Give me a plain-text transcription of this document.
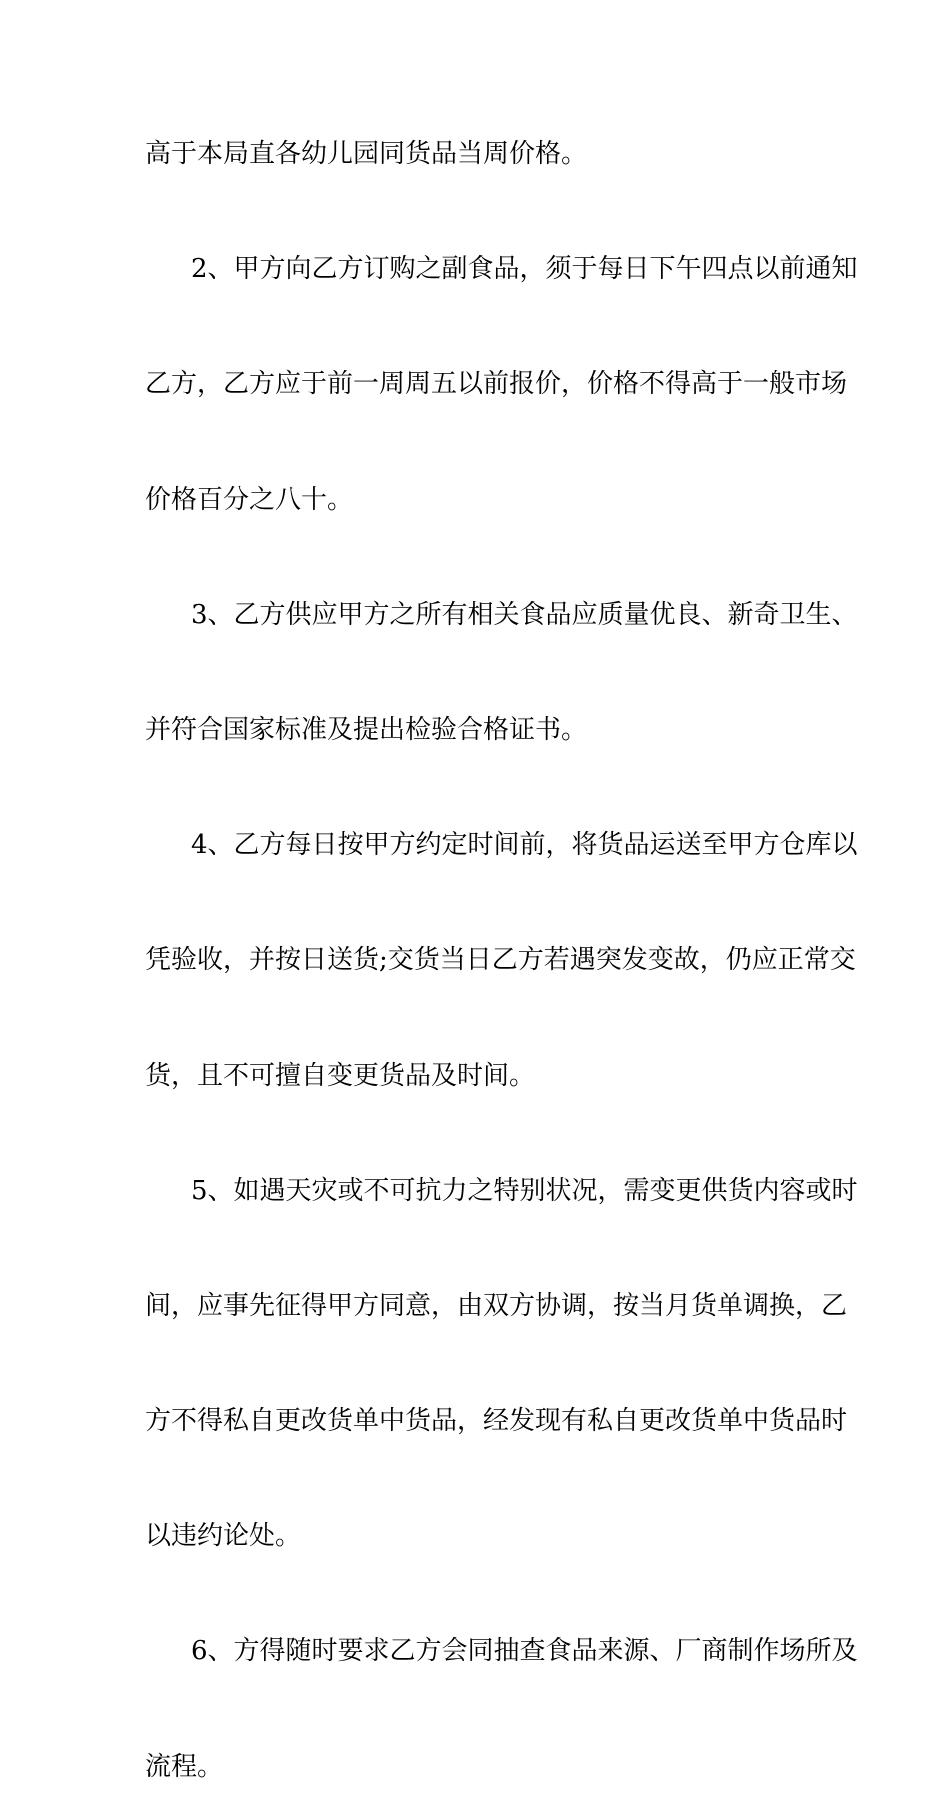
高于本局直各幼儿园同货品当周价格。
2、甲方向乙方订购之副食品，须于每日下午四点以前通知
乙方，乙方应于前一周周五以前报价，价格不得高于一般市场
价格百分之八十。
3、乙方供应甲方之所有相关食品应质量优良、新奇卫生、
并符合国家标准及提出检验合格证书。
4、乙方每日按甲方约定时间前，将货品运送至甲方仓库以
凭验收，并按日送货;交货当日乙方若遇突发变故，仍应正常交
货，且不可擅自变更货品及时间。
5、如遇天灾或不可抗力之特别状况，需变更供货内容或时
间，应事先征得甲方同意，由双方协调，按当月货单调换，乙
方不得私自更改货单中货品，经发现有私自更改货单中货品时
以违约论处。
6、方得随时要求乙方会同抽查食品来源、厂商制作场所及
流程。
